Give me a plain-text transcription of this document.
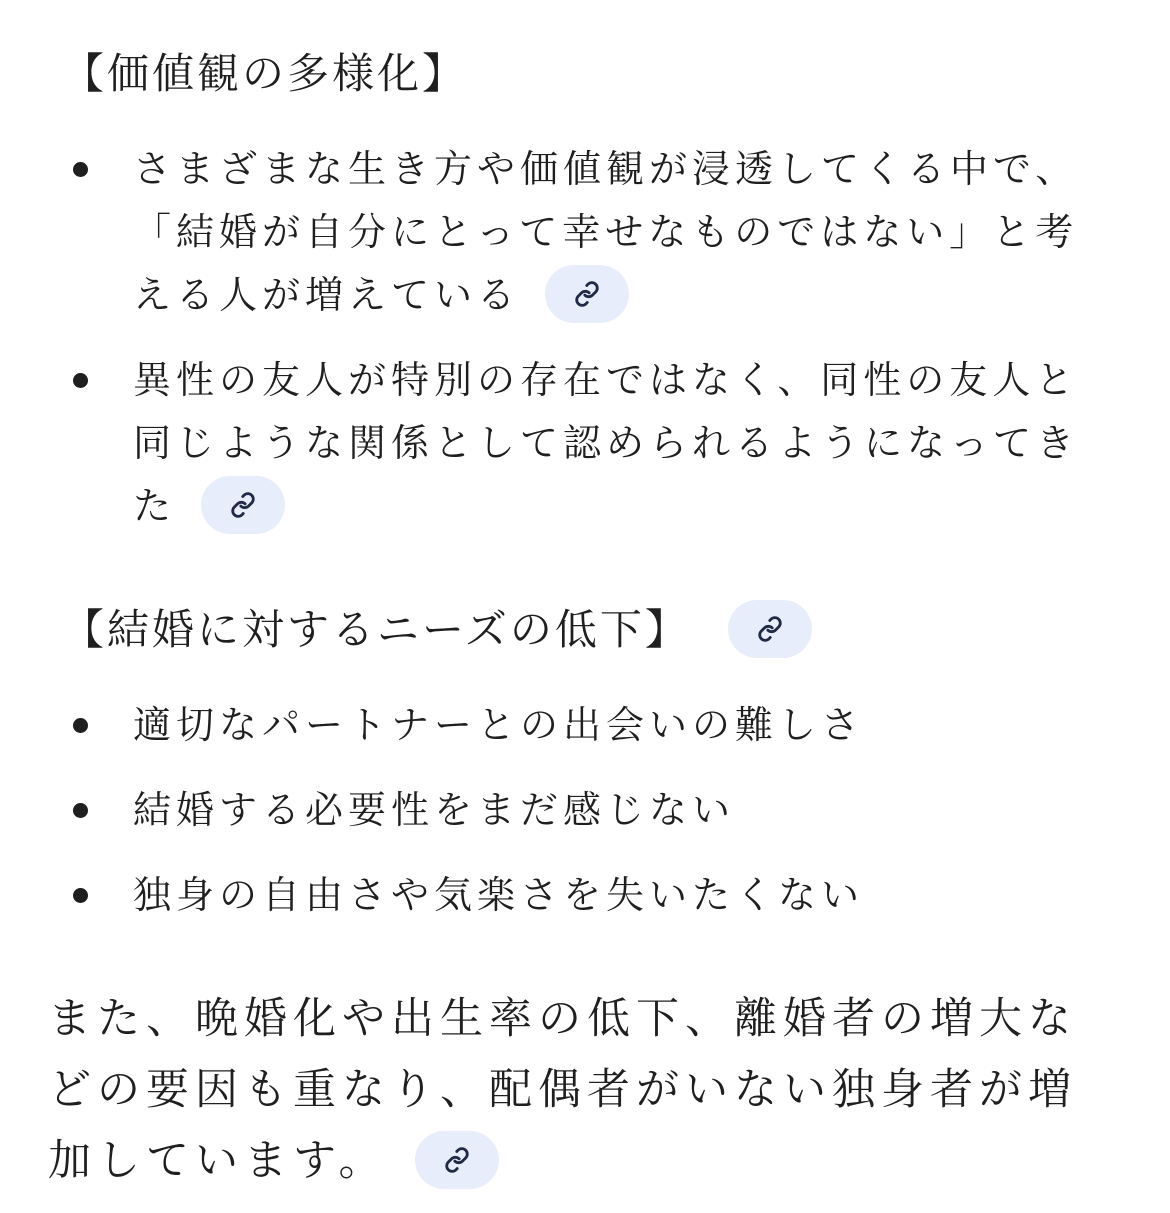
【価値観の多様化】
さまざまな生き方や価値観が浸透してくる中で、「結婚が自分にとって幸せなものではない」と考える人が増えている
異性の友人が特別の存在ではなく、同性の友人と同じような関係として認められるようになってきた
【結婚に対するニーズの低下】
適切なパートナーとの出会いの難しさ
結婚する必要性をまだ感じない
独身の自由さや気楽さを失いたくない

また、晩婚化や出生率の低下、離婚者の増大などの要因も重なり、配偶者がいない独身者が増加しています。
